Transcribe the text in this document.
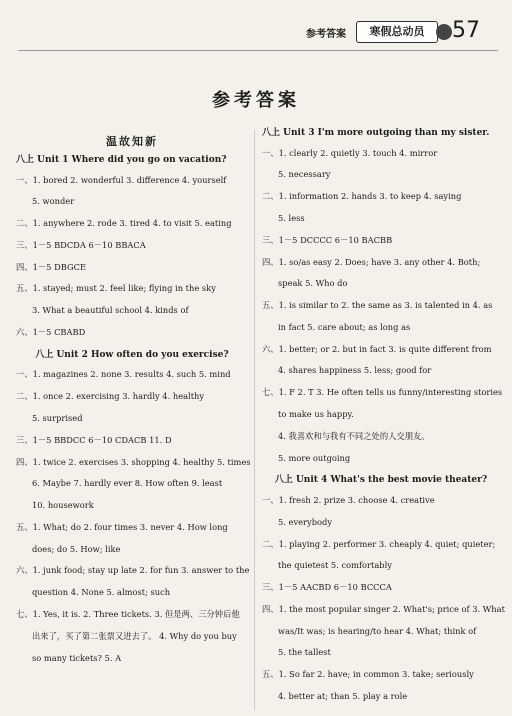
参考答案	寒假总动员	57
参考答案
温故知新
八上 Unit 1 Where did you go on vacation?
一、1. bored 2. wonderful 3. difference 4. yourself
5. wonder
二、1. anywhere 2. rode 3. tired 4. to visit 5. eating
三、1－5 BDCDA 6－10 BBACA
四、1－5 DBGCE
五、1. stayed; must 2. feel like; flying in the sky
3. What a beautiful school 4. kinds of
六、1－5 CBABD
八上 Unit 2 How often do you exercise?
一、1. magazines 2. none 3. results 4. such 5. mind
二、1. once 2. exercising 3. hardly 4. healthy
5. surprised
三、1－5 BBDCC 6－10 CDACB 11. D
四、1. twice 2. exercises 3. shopping 4. healthy 5. times
6. Maybe 7. hardly ever 8. How often 9. least
10. housework
五、1. What; do 2. four times 3. never 4. How long
does; do 5. How; like
六、1. junk food; stay up late 2. for fun 3. answer to the
question 4. None 5. almost; such
七、1. Yes, it is. 2. Three tickets. 3. 但是两、三分钟后他
出来了，买了第二张票又进去了。 4. Why do you buy
so many tickets? 5. A
八上 Unit 3 I'm more outgoing than my sister.
一、1. clearly 2. quietly 3. touch 4. mirror
5. necessary
二、1. information 2. hands 3. to keep 4. saying
5. less
三、1－5 DCCCC 6－10 BACBB
四、1. so/as easy 2. Does; have 3. any other 4. Both;
speak 5. Who do
五、1. is similar to 2. the same as 3. is talented in 4. as
in fact 5. care about; as long as
六、1. better; or 2. but in fact 3. is quite different from
4. shares happiness 5. less; good for
七、1. F 2. T 3. He often tells us funny/interesting stories
to make us happy.
4. 我喜欢和与我有不同之处的人交朋友。
5. more outgoing
八上 Unit 4 What's the best movie theater?
一、1. fresh 2. prize 3. choose 4. creative
5. everybody
二、1. playing 2. performer 3. cheaply 4. quiet; quieter;
the quietest 5. comfortably
三、1－5 AACBD 6－10 BCCCA
四、1. the most popular singer 2. What's; price of 3. What
was/It was; is hearing/to hear 4. What; think of
5. the tallest
五、1. So far 2. have; in common 3. take; seriously
4. better at; than 5. play a role
